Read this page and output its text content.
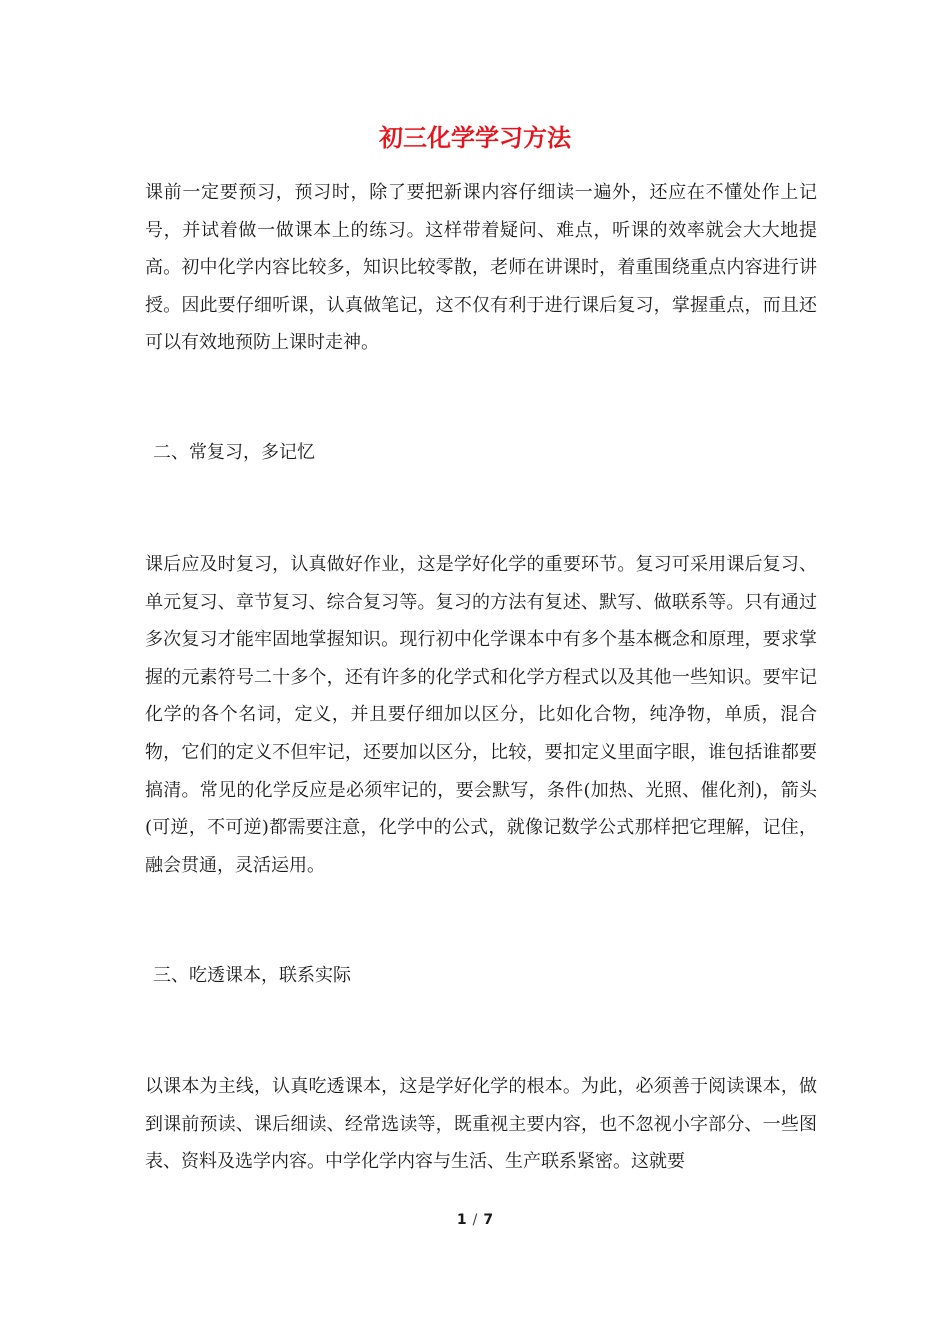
初三化学学习方法

课前一定要预习，预习时，除了要把新课内容仔细读一遍外，还应在不懂处作上记号，并试着做一做课本上的练习。这样带着疑问、难点，听课的效率就会大大地提高。初中化学内容比较多，知识比较零散，老师在讲课时，着重围绕重点内容进行讲授。因此要仔细听课，认真做笔记，这不仅有利于进行课后复习，掌握重点，而且还可以有效地预防上课时走神。

二、常复习，多记忆

课后应及时复习，认真做好作业，这是学好化学的重要环节。复习可采用课后复习、单元复习、章节复习、综合复习等。复习的方法有复述、默写、做联系等。只有通过多次复习才能牢固地掌握知识。现行初中化学课本中有多个基本概念和原理，要求掌握的元素符号二十多个，还有许多的化学式和化学方程式以及其他一些知识。要牢记化学的各个名词，定义，并且要仔细加以区分，比如化合物，纯净物，单质，混合物，它们的定义不但牢记，还要加以区分，比较，要扣定义里面字眼，谁包括谁都要搞清。常见的化学反应是必须牢记的，要会默写，条件(加热、光照、催化剂)，箭头(可逆，不可逆)都需要注意，化学中的公式，就像记数学公式那样把它理解，记住，融会贯通，灵活运用。

三、吃透课本，联系实际

以课本为主线，认真吃透课本，这是学好化学的根本。为此，必须善于阅读课本，做到课前预读、课后细读、经常选读等，既重视主要内容，也不忽视小字部分、一些图表、资料及选学内容。中学化学内容与生活、生产联系紧密。这就要

1 / 7
